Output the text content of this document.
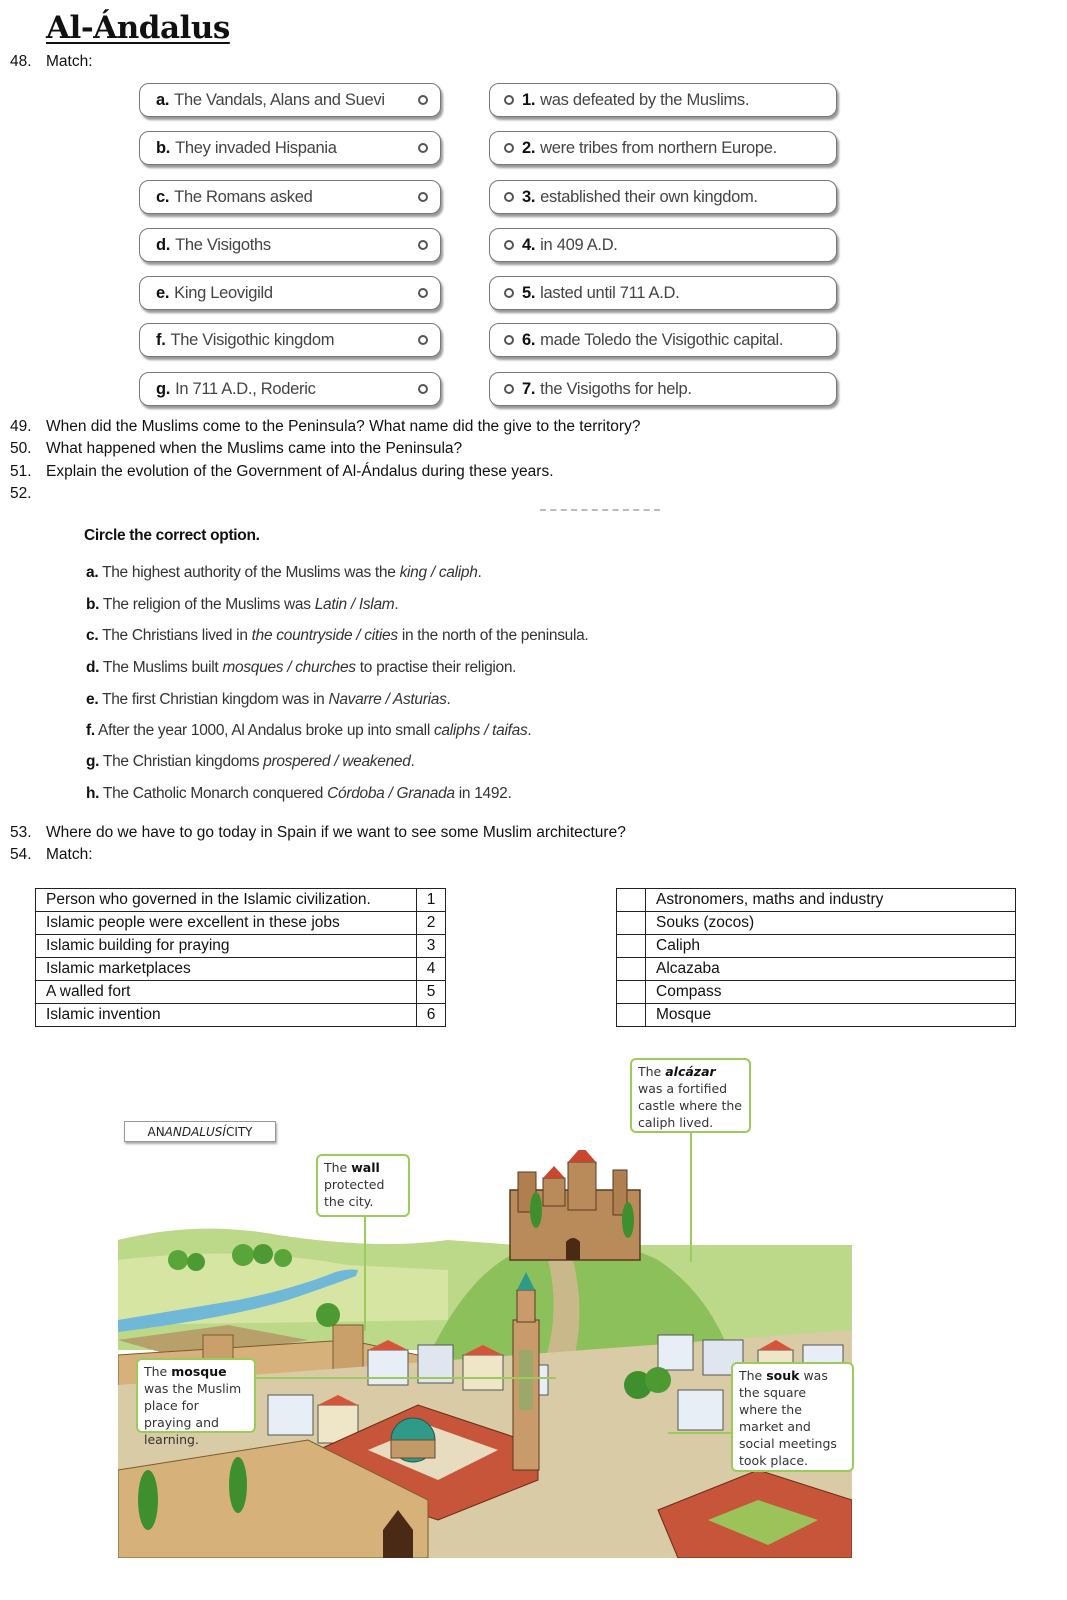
Al-Ándalus
48. Match:
a. The Vandals, Alans and Suevi
b. They invaded Hispania
c. The Romans asked
d. The Visigoths
e. King Leovigild
f. The Visigothic kingdom
g. In 711 A.D., Roderic
1. was defeated by the Muslims.
2. were tribes from northern Europe.
3. established their own kingdom.
4. in 409 A.D.
5. lasted until 711 A.D.
6. made Toledo the Visigothic capital.
7. the Visigoths for help.
49. When did the Muslims come to the Peninsula? What name did the give to the territory?
50. What happened when the Muslims came into the Peninsula?
51. Explain the evolution of the Government of Al-Ándalus during these years.
52.
Circle the correct option.
a. The highest authority of the Muslims was the king / caliph.
b. The religion of the Muslims was Latin / Islam.
c. The Christians lived in the countryside / cities in the north of the peninsula.
d. The Muslims built mosques / churches to practise their religion.
e. The first Christian kingdom was in Navarre / Asturias.
f. After the year 1000, Al Andalus broke up into small caliphs / taifas.
g. The Christian kingdoms prospered / weakened.
h. The Catholic Monarch conquered Córdoba / Granada in 1492.
53. Where do we have to go today in Spain if we want to see some Muslim architecture?
54. Match:
Person who governed in the Islamic civilization.	1
Islamic people were excellent in these jobs	2
Islamic building for praying	3
Islamic marketplaces	4
A walled fort	5
Islamic invention	6
	Astronomers, maths and industry
	Souks (zocos)
	Caliph
	Alcazaba
	Compass
	Mosque
AN ANDALUSÍ CITY
The alcázar was a fortified castle where the caliph lived.
The wall protected the city.
The mosque was the Muslim place for praying and learning.
The souk was the square where the market and social meetings took place.
